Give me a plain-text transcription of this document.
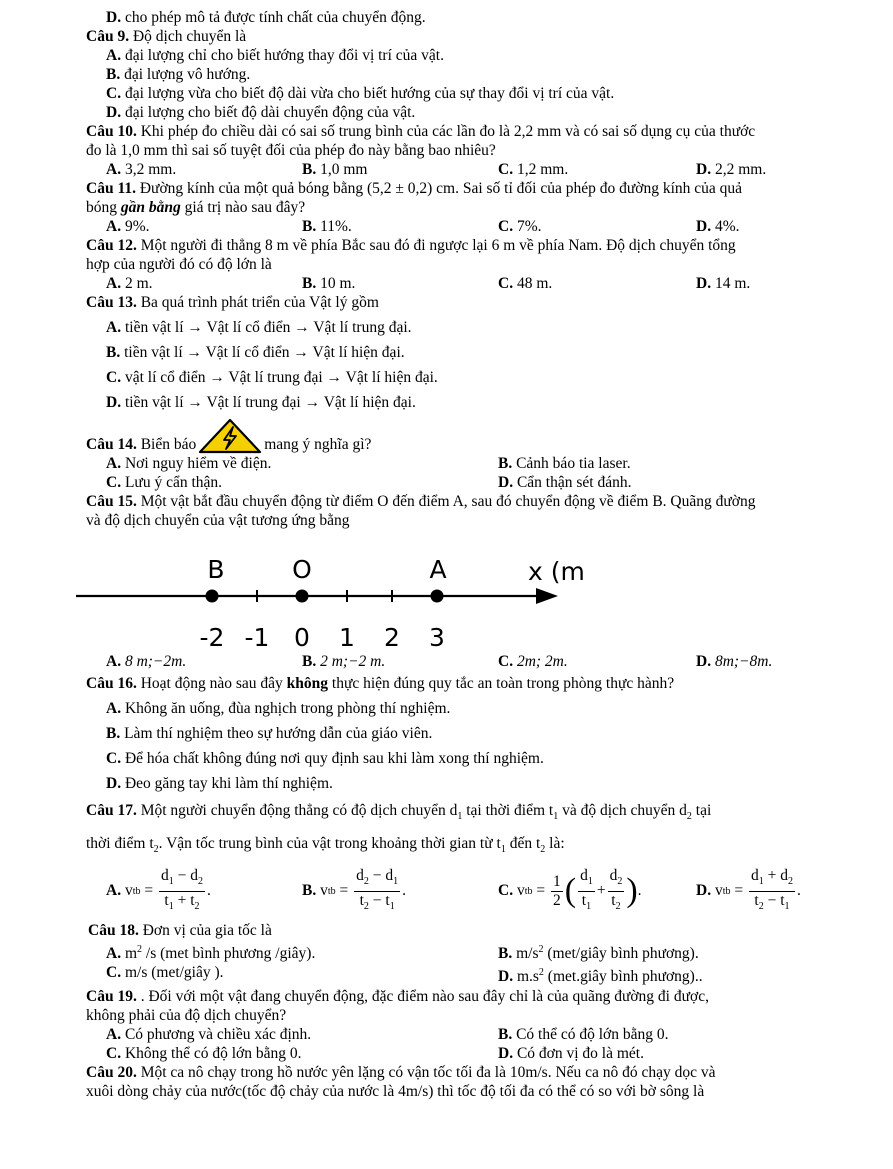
D. cho phép mô tả được tính chất của chuyển động.
Câu 9. Độ dịch chuyển là
A. đại lượng chỉ cho biết hướng thay đổi vị trí của vật.
B. đại lượng vô hướng.
C. đại lượng vừa cho biết độ dài vừa cho biết hướng của sự thay đổi vị trí của vật.
D. đại lượng cho biết độ dài chuyển động của vật.
Câu 10. Khi phép đo chiều dài có sai số trung bình của các lần đo là 2,2 mm và có sai số dụng cụ của thước
đo là 1,0 mm thì sai số tuyệt đối của phép đo này bằng bao nhiêu?
A. 3,2 mm.	B. 1,0 mm	C. 1,2 mm.	D. 2,2 mm.
Câu 11. Đường kính của một quả bóng bằng (5,2 ± 0,2) cm. Sai số tỉ đối của phép đo đường kính của quả
bóng gần bằng giá trị nào sau đây?
A. 9%.	B. 11%.	C. 7%.	D. 4%.
Câu 12. Một người đi thẳng 8 m về phía Bắc sau đó đi ngược lại 6 m về phía Nam. Độ dịch chuyển tổng
hợp của người đó có độ lớn là
A. 2 m.	B. 10 m.	C. 48 m.	D. 14 m.
Câu 13. Ba quá trình phát triển của Vật lý gồm
A. tiền vật lí → Vật lí cổ điển → Vật lí trung đại.
B. tiền vật lí → Vật lí cổ điển → Vật lí hiện đại.
C. vật lí cổ điển → Vật lí trung đại → Vật lí hiện đại.
D. tiền vật lí → Vật lí trung đại → Vật lí hiện đại.
Câu 14.
Biển báo	mang ý nghĩa gì?
A. Nơi nguy hiểm về điện.	B. Cảnh báo tia laser.
C. Lưu ý cẩn thận.	D. Cẩn thận sét đánh.
Câu 15. Một vật bắt đầu chuyển động từ điểm O đến điểm A, sau đó chuyển động về điểm B. Quãng đường
và độ dịch chuyển của vật tương ứng bằng
B	O	A	x (m
-2 -1 0 1 2 3
A. 8 m;−2m.	B. 2 m;−2 m.	C. 2m; 2m.	D. 8m;−8m.
Câu 16. Hoạt động nào sau đây không thực hiện đúng quy tắc an toàn trong phòng thực hành?
A. Không ăn uống, đùa nghịch trong phòng thí nghiệm.
B. Làm thí nghiệm theo sự hướng dẫn của giáo viên.
C. Để hóa chất không đúng nơi quy định sau khi làm xong thí nghiệm.
D. Đeo găng tay khi làm thí nghiệm.
Câu 17. Một người chuyển động thẳng có độ dịch chuyển $d_1$ tại thời điểm $t_1$ và độ dịch chuyển $d_2$ tại
thời điểm $t_2$. Vận tốc trung bình của vật trong khoảng thời gian từ $t_1$ đến $t_2$ là:
A. v tb = $\frac{d_1 - d_2}{t_1 + t_2}$ .	B. v tb = $\frac{d_2 - d_1}{t_2 - t_1}$ .	C. v tb = $\frac{1}{2}$ ( $\frac{d_1}{t_1} + \frac{d_2}{t_2}$ ) .	D. v tb = $\frac{d_1 + d_2}{t_2 - t_1}$ .
Câu 18. Đơn vị của gia tốc là
A. $m^2$ /s (met bình phương /giây).	B. $m/s^2$ (met/giây bình phương).
C. m/s (met/giây ).	D. $m.s^2$ (met.giây bình phương)..
Câu 19. . Đối với một vật đang chuyển động, đặc điểm nào sau đây chỉ là của quãng đường đi được,
không phải của độ dịch chuyển?
A. Có phương và chiều xác định.	B. Có thể có độ lớn bằng 0.
C. Không thể có độ lớn bằng 0.	D. Có đơn vị đo là mét.
Câu 20. Một ca nô chạy trong hồ nước yên lặng có vận tốc tối đa là 10m/s. Nếu ca nô đó chạy dọc và
xuôi dòng chảy của nước(tốc độ chảy của nước là 4m/s) thì tốc độ tối đa có thể có so với bờ sông là
